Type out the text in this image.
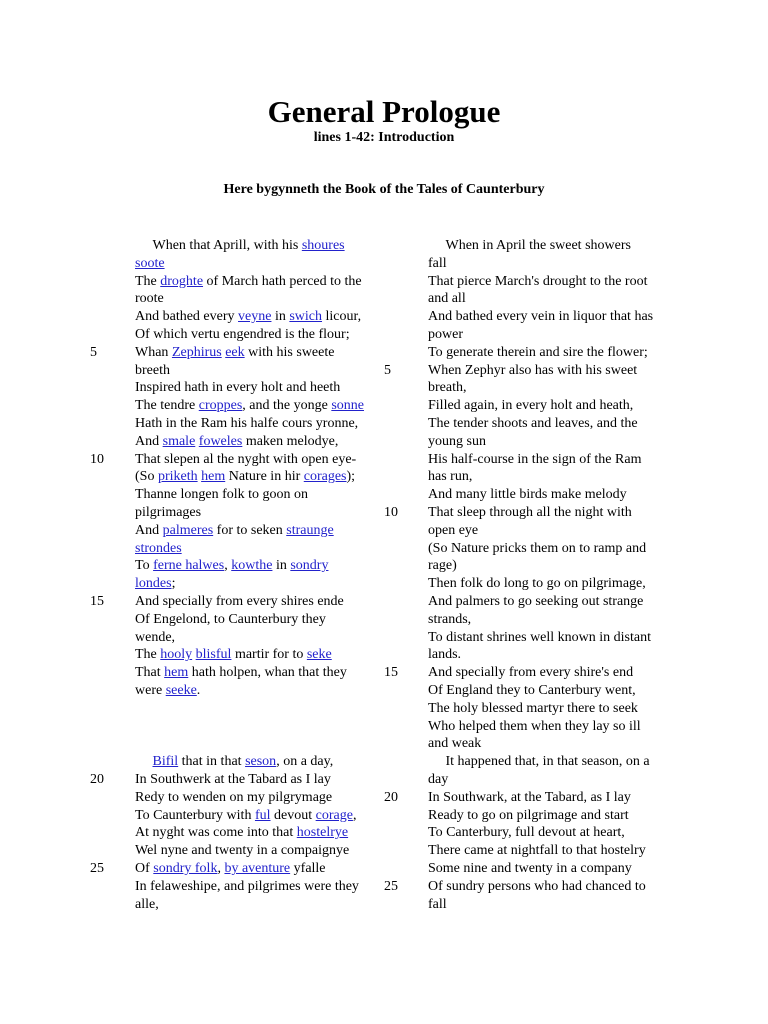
General Prologue
lines 1-42: Introduction
Here bygynneth the Book of the Tales of Caunterbury
When that Aprill, with his shoures
soote
The droghte of March hath perced to the
roote
And bathed every veyne in swich licour,
Of which vertu engendred is the flour;
Whan Zephirus eek with his sweete
breeth
Inspired hath in every holt and heeth
The tendre croppes, and the yonge sonne
Hath in the Ram his halfe cours yronne,
And smale foweles maken melodye,
That slepen al the nyght with open eye-
(So priketh hem Nature in hir corages);
Thanne longen folk to goon on
pilgrimages
And palmeres for to seken straunge
strondes
To ferne halwes, kowthe in sondry
londes;
And specially from every shires ende
Of Engelond, to Caunterbury they
wende,
The hooly blisful martir for to seke
That hem hath holpen, whan that they
were seeke.
Bifil that in that seson, on a day,
In Southwerk at the Tabard as I lay
Redy to wenden on my pilgrymage
To Caunterbury with ful devout corage,
At nyght was come into that hostelrye
Wel nyne and twenty in a compaignye
Of sondry folk, by aventure yfalle
In felaweshipe, and pilgrimes were they
alle,
5
10
15
20
25
When in April the sweet showers
fall
That pierce March's drought to the root
and all
And bathed every vein in liquor that has
power
To generate therein and sire the flower;
When Zephyr also has with his sweet
breath,
Filled again, in every holt and heath,
The tender shoots and leaves, and the
young sun
His half-course in the sign of the Ram
has run,
And many little birds make melody
That sleep through all the night with
open eye
(So Nature pricks them on to ramp and
rage)
Then folk do long to go on pilgrimage,
And palmers to go seeking out strange
strands,
To distant shrines well known in distant
lands.
And specially from every shire's end
Of England they to Canterbury went,
The holy blessed martyr there to seek
Who helped them when they lay so ill
and weak
It happened that, in that season, on a
day
In Southwark, at the Tabard, as I lay
Ready to go on pilgrimage and start
To Canterbury, full devout at heart,
There came at nightfall to that hostelry
Some nine and twenty in a company
Of sundry persons who had chanced to
fall
5
10
15
20
25
